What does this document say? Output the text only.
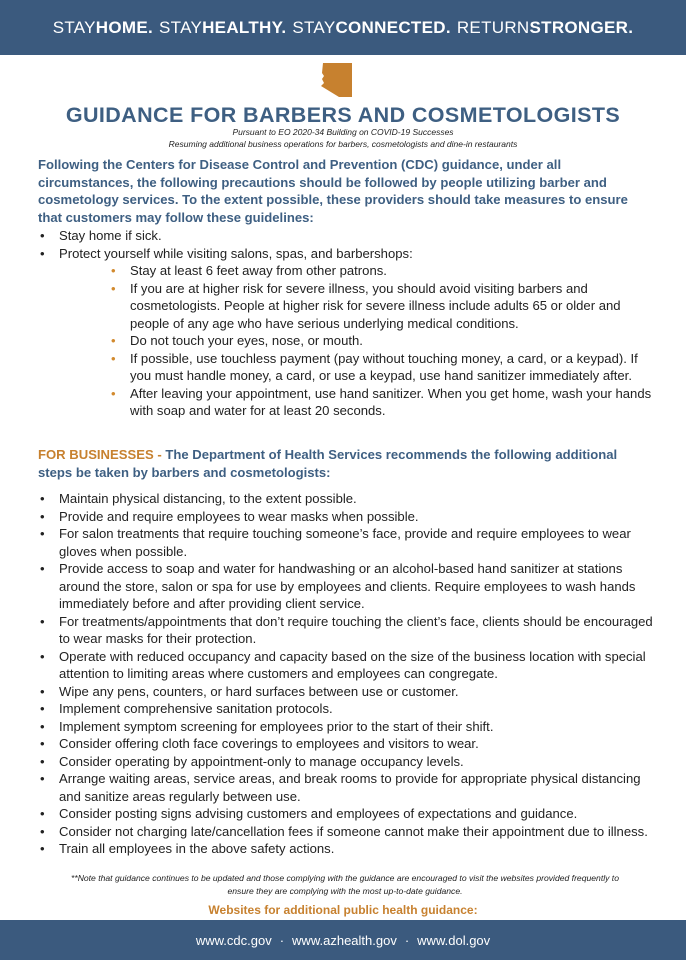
STAY HOME. STAY HEALTHY. STAY CONNECTED. RETURN STRONGER.
GUIDANCE FOR BARBERS AND COSMETOLOGISTS
Pursuant to EO 2020-34 Building on COVID-19 Successes
Resuming additional business operations for barbers, cosmetologists and dine-in restaurants
Following the Centers for Disease Control and Prevention (CDC) guidance, under all circumstances, the following precautions should be followed by people utilizing barber and cosmetology services. To the extent possible, these providers should take measures to ensure that customers may follow these guidelines:
• Stay home if sick.
• Protect yourself while visiting salons, spas, and barbershops:
• Stay at least 6 feet away from other patrons.
• If you are at higher risk for severe illness, you should avoid visiting barbers and cosmetologists. People at higher risk for severe illness include adults 65 or older and people of any age who have serious underlying medical conditions.
• Do not touch your eyes, nose, or mouth.
• If possible, use touchless payment (pay without touching money, a card, or a keypad). If you must handle money, a card, or use a keypad, use hand sanitizer immediately after.
• After leaving your appointment, use hand sanitizer. When you get home, wash your hands with soap and water for at least 20 seconds.
FOR BUSINESSES - The Department of Health Services recommends the following additional steps be taken by barbers and cosmetologists:
• Maintain physical distancing, to the extent possible.
• Provide and require employees to wear masks when possible.
• For salon treatments that require touching someone’s face, provide and require employees to wear gloves when possible.
• Provide access to soap and water for handwashing or an alcohol-based hand sanitizer at stations around the store, salon or spa for use by employees and clients. Require employees to wash hands immediately before and after providing client service.
• For treatments/appointments that don’t require touching the client’s face, clients should be encouraged to wear masks for their protection.
• Operate with reduced occupancy and capacity based on the size of the business location with special attention to limiting areas where customers and employees can congregate.
• Wipe any pens, counters, or hard surfaces between use or customer.
• Implement comprehensive sanitation protocols.
• Implement symptom screening for employees prior to the start of their shift.
• Consider offering cloth face coverings to employees and visitors to wear.
• Consider operating by appointment-only to manage occupancy levels.
• Arrange waiting areas, service areas, and break rooms to provide for appropriate physical distancing and sanitize areas regularly between use.
• Consider posting signs advising customers and employees of expectations and guidance.
• Consider not charging late/cancellation fees if someone cannot make their appointment due to illness.
• Train all employees in the above safety actions.
**Note that guidance continues to be updated and those complying with the guidance are encouraged to visit the websites provided frequently to ensure they are complying with the most up-to-date guidance.
Websites for additional public health guidance:
www.cdc.gov · www.azhealth.gov · www.dol.gov
